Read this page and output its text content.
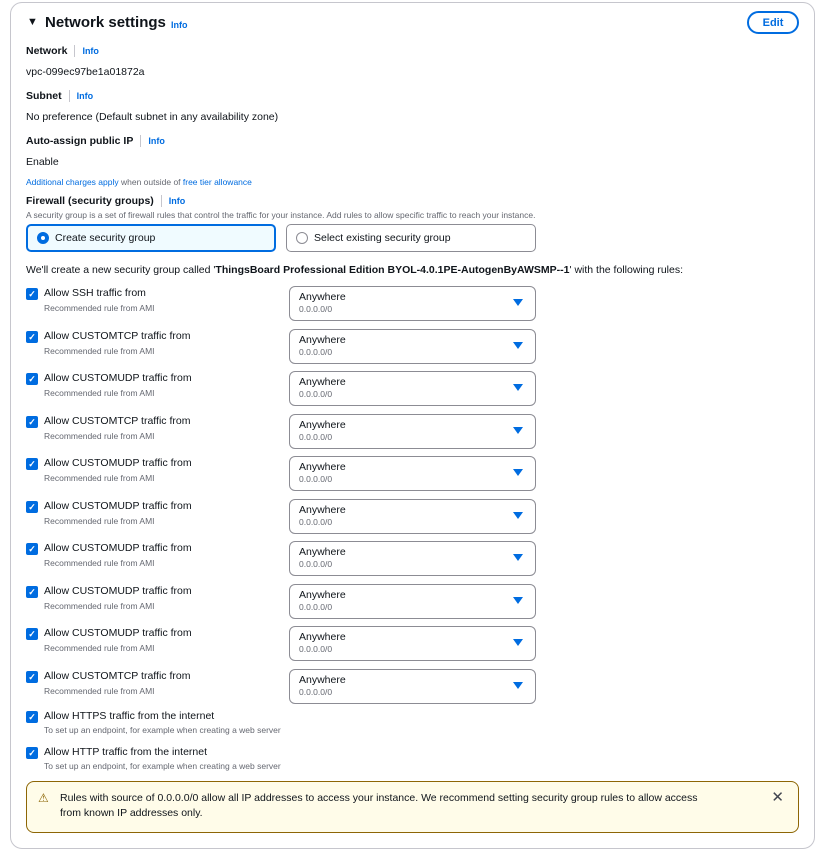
▼ Network settings Info	Edit
Network Info
vpc-099ec97be1a01872a
Subnet Info
No preference (Default subnet in any availability zone)
Auto-assign public IP Info
Enable
Additional charges apply when outside of free tier allowance
Firewall (security groups) Info
A security group is a set of firewall rules that control the traffic for your instance. Add rules to allow specific traffic to reach your instance.
Create security group	Select existing security group
We'll create a new security group called 'ThingsBoard Professional Edition BYOL-4.0.1PE-AutogenByAWSMP--1' with the following rules:
✓ Allow SSH traffic from
Recommended rule from AMI
Anywhere
0.0.0.0/0
✓ Allow CUSTOMTCP traffic from
Recommended rule from AMI
Anywhere
0.0.0.0/0
✓ Allow CUSTOMUDP traffic from
Recommended rule from AMI
Anywhere
0.0.0.0/0
✓ Allow CUSTOMTCP traffic from
Recommended rule from AMI
Anywhere
0.0.0.0/0
✓ Allow CUSTOMUDP traffic from
Recommended rule from AMI
Anywhere
0.0.0.0/0
✓ Allow CUSTOMUDP traffic from
Recommended rule from AMI
Anywhere
0.0.0.0/0
✓ Allow CUSTOMUDP traffic from
Recommended rule from AMI
Anywhere
0.0.0.0/0
✓ Allow CUSTOMUDP traffic from
Recommended rule from AMI
Anywhere
0.0.0.0/0
✓ Allow CUSTOMUDP traffic from
Recommended rule from AMI
Anywhere
0.0.0.0/0
✓ Allow CUSTOMTCP traffic from
Recommended rule from AMI
Anywhere
0.0.0.0/0
✓ Allow HTTPS traffic from the internet
To set up an endpoint, for example when creating a web server
✓ Allow HTTP traffic from the internet
To set up an endpoint, for example when creating a web server
⚠ Rules with source of 0.0.0.0/0 allow all IP addresses to access your instance. We recommend setting security group rules to allow access from known IP addresses only.
✕
